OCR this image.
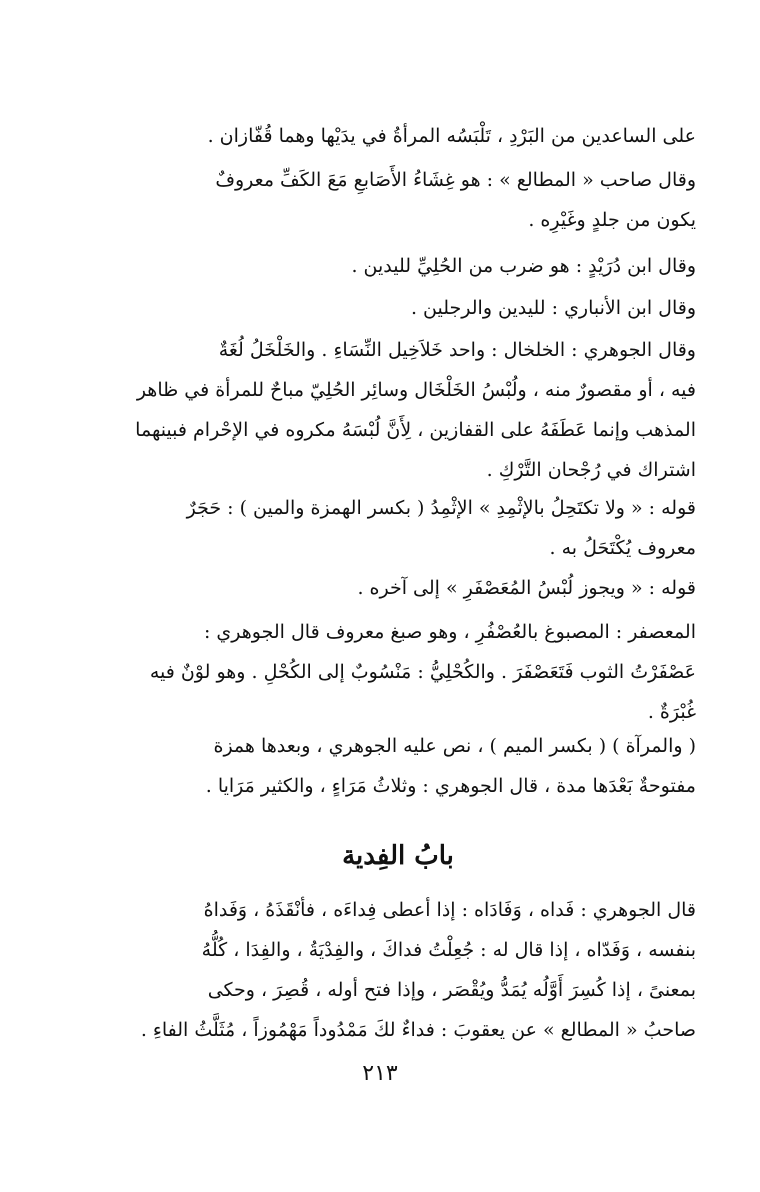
على الساعدين من البَرْدِ ، تَلْبَسُه المرأةُ في يدَيْها وهما قُفّازان .
وقال صاحب « المطالع » : هو غِشَاءُ الأَصَابعِ مَعَ الكَفِّ معروفٌ
يكون من جلدٍ وغَيْرِه .
وقال ابن دُرَيْدٍ : هو ضرب من الحُلِيِّ لليدين .
وقال ابن الأنباري : لليدين والرجلين .
وقال الجوهري : الخلخال : واحد خَلاَخِيل النِّسَاءِ . والخَلْخَلُ لُغَةٌ
فيه ، أو مقصورٌ منه ، ولُبْسُ الخَلْخَال وسائِر الحُلِيّ مباحٌ للمرأة في ظاهر
المذهب وإنما عَطَفَهُ على القفازين ، لِأَنَّ لُبْسَهُ مكروه في الإحْرام فبينهما
اشتراك في رُجْحان التَّرْكِ .
قوله : « ولا تكتَحِلُ بالإثْمِدِ » الإثْمِدُ ( بكسر الهمزة والمين ) : حَجَرٌ
معروف يُكْتَحَلُ به .
قوله : « ويجوز لُبْسُ المُعَصْفَرِ » إلى آخره .
المعصفر : المصبوغ بالعُصْفُرِ ، وهو صبغ معروف قال الجوهري :
عَصْفَرْتُ الثوب فَتَعَصْفَرَ . والكُحْلِيُّ : مَنْسُوبٌ إلى الكُحْلِ . وهو لوْنٌ فيه
غُبْرَةٌ .
( والمرآة ) ( بكسر الميم ) ، نص عليه الجوهري ، وبعدها همزة
مفتوحةٌ بَعْدَها مدة ، قال الجوهري : وثلاثُ مَرَاءٍ ، والكثير مَرَايا .
بابُ الفِدية
قال الجوهري : فَداه ، وَفَادَاه : إذا أعطى فِداءَه ، فأنْقَذَهُ ، وَفَداهُ
بنفسه ، وَفَدّاه ، إذا قال له : جُعِلْتُ فداكَ ، والفِدْيَةُ ، والفِدَا ، كُلُّهُ
بمعنىً ، إذا كُسِرَ أَوَّلُه يُمَدُّ ويُقْصَر ، وإذا فتح أوله ، قُصِرَ ، وحكى
صاحبُ « المطالع » عن يعقوبَ : فداءٌ لكَ مَمْدُوداً مَهْمُوزاً ، مُثَلَّثُ الفاءِ .
٢١٣
